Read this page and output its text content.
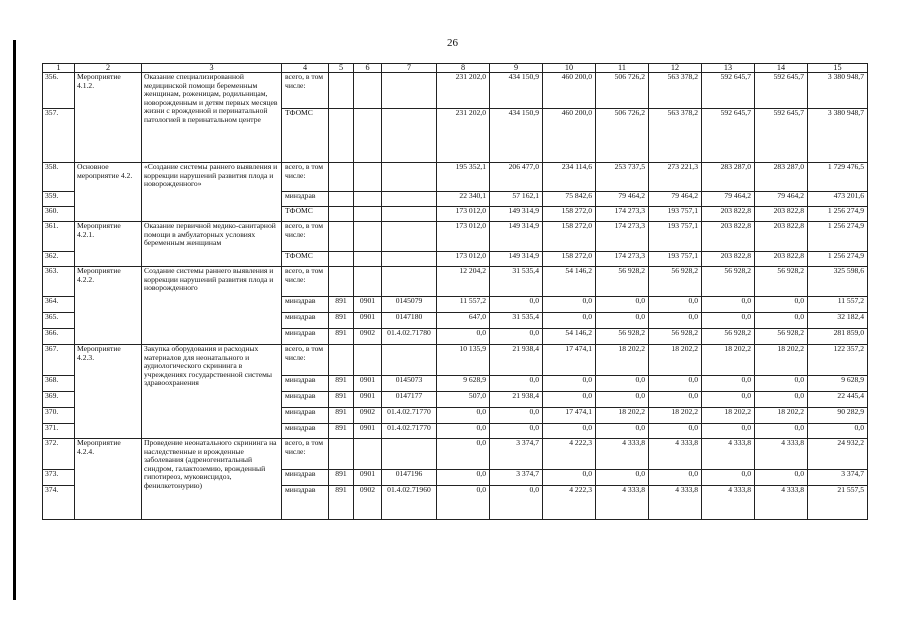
26
1	2	3	4	5	6	7	8	9	10	11	12	13	14	15
356.	Мероприятие 4.1.2.	Оказание специализированной медицинской помощи беременным женщинам, роженицам, родильницам, новорожденным и детям первых месяцев жизни с врожденной и перинатальной патологией в перинатальном центре	всего, в том числе:				231 202,0	434 150,9	460 200,0	506 726,2	563 378,2	592 645,7	592 645,7	3 380 948,7
357.			ТФОМС				231 202,0	434 150,9	460 200,0	506 726,2	563 378,2	592 645,7	592 645,7	3 380 948,7
358.	Основное мероприятие 4.2.	«Создание системы раннего выявления и коррекции нарушений развития плода и новорожденного»	всего, в том числе:				195 352,1	206 477,0	234 114,6	253 737,5	273 221,3	283 287,0	283 287,0	1 729 476,5
359.			минздрав				22 340,1	57 162,1	75 842,6	79 464,2	79 464,2	79 464,2	79 464,2	473 201,6
360.			ТФОМС				173 012,0	149 314,9	158 272,0	174 273,3	193 757,1	203 822,8	203 822,8	1 256 274,9
361.	Мероприятие 4.2.1.	Оказание первичной медико-санитарной помощи в амбулаторных условиях беременным женщинам	всего, в том числе:				173 012,0	149 314,9	158 272,0	174 273,3	193 757,1	203 822,8	203 822,8	1 256 274,9
362.			ТФОМС				173 012,0	149 314,9	158 272,0	174 273,3	193 757,1	203 822,8	203 822,8	1 256 274,9
363.	Мероприятие 4.2.2.	Создание системы раннего выявления и коррекции нарушений развития плода и новорожденного	всего, в том числе:				12 204,2	31 535,4	54 146,2	56 928,2	56 928,2	56 928,2	56 928,2	325 598,6
364.			минздрав	891	0901	0145079	11 557,2	0,0	0,0	0,0	0,0	0,0	0,0	11 557,2
365.			минздрав	891	0901	0147180	647,0	31 535,4	0,0	0,0	0,0	0,0	0,0	32 182,4
366.			минздрав	891	0902	01.4.02.71780	0,0	0,0	54 146,2	56 928,2	56 928,2	56 928,2	56 928,2	281 859,0
367.	Мероприятие 4.2.3.	Закупка оборудования и расходных материалов для неонатального и аудиологического скрининга в учреждениях государственной системы здравоохранения	всего, в том числе:				10 135,9	21 938,4	17 474,1	18 202,2	18 202,2	18 202,2	18 202,2	122 357,2
368.			минздрав	891	0901	0145073	9 628,9	0,0	0,0	0,0	0,0	0,0	0,0	9 628,9
369.			минздрав	891	0901	0147177	507,0	21 938,4	0,0	0,0	0,0	0,0	0,0	22 445,4
370.			минздрав	891	0902	01.4.02.71770	0,0	0,0	17 474,1	18 202,2	18 202,2	18 202,2	18 202,2	90 282,9
371.			минздрав	891	0901	01.4.02.71770	0,0	0,0	0,0	0,0	0,0	0,0	0,0	0,0
372.	Мероприятие 4.2.4.	Проведение неонатального скрининга на наследственные и врожденные заболевания (адреногенитальный синдром, галактоземию, врожденный гипотиреоз, муковисцидоз, фенилкетонурию)	всего, в том числе:				0,0	3 374,7	4 222,3	4 333,8	4 333,8	4 333,8	4 333,8	24 932,2
373.			минздрав	891	0901	0147196	0,0	3 374,7	0,0	0,0	0,0	0,0	0,0	3 374,7
374.			минздрав	891	0902	01.4.02.71960	0,0	0,0	4 222,3	4 333,8	4 333,8	4 333,8	4 333,8	21 557,5
